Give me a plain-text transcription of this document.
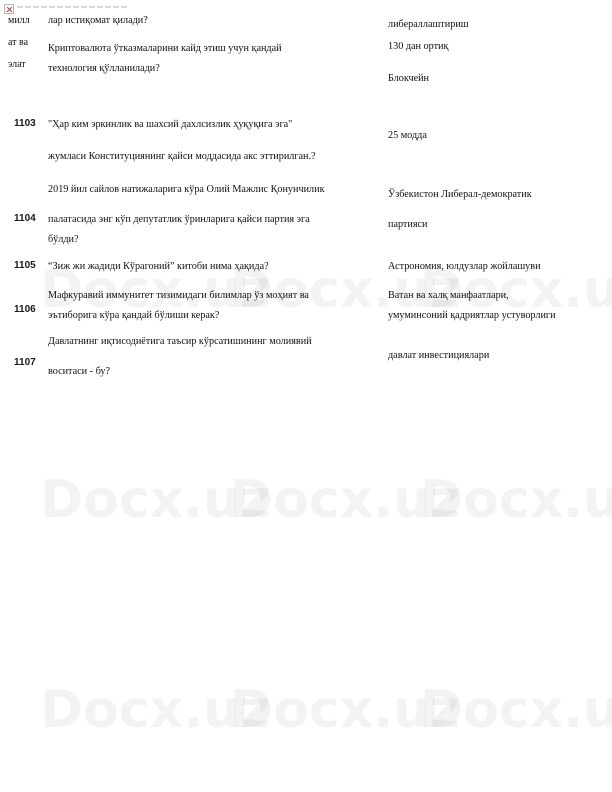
милл
ат ва
элат
лар истиқомат қилади?
Криптовалюта ўтказмаларини кайд этиш учун қандай
технология қўлланилади?
либераллаштириш
130 дан ортиқ
Блокчейн
1103 "Ҳар ким эркинлик ва шахсий дахлсизлик ҳуқуқига эга"
жумласи Конституциянинг қайси моддасида акс эттирилган.?
25 модда
1104
2019 йил сайлов натижаларига кўра Олий Мажлис Қонунчилик
палатасида энг кўп депутатлик ўринларига қайси партия эга
бўлди?
Ўзбекистон Либерал-демократик
партияси
1105 “Зиж жи жадиди Кўрагоний” китоби нима ҳақида?	Астрономия, юлдузлар жойлашуви
1106
Мафкуравий иммунитет тизимидаги билимлар ўз моҳият ва
эътиборига кўра қандай бўлиши керак?
Ватан ва халқ манфаатлари,
умуминсоний қадриятлар устуворлиги
1107
Давлатнинг иқтисодиётига таъсир кўрсатишининг молиявий
воситаси - бу?
давлат инвестициялари
